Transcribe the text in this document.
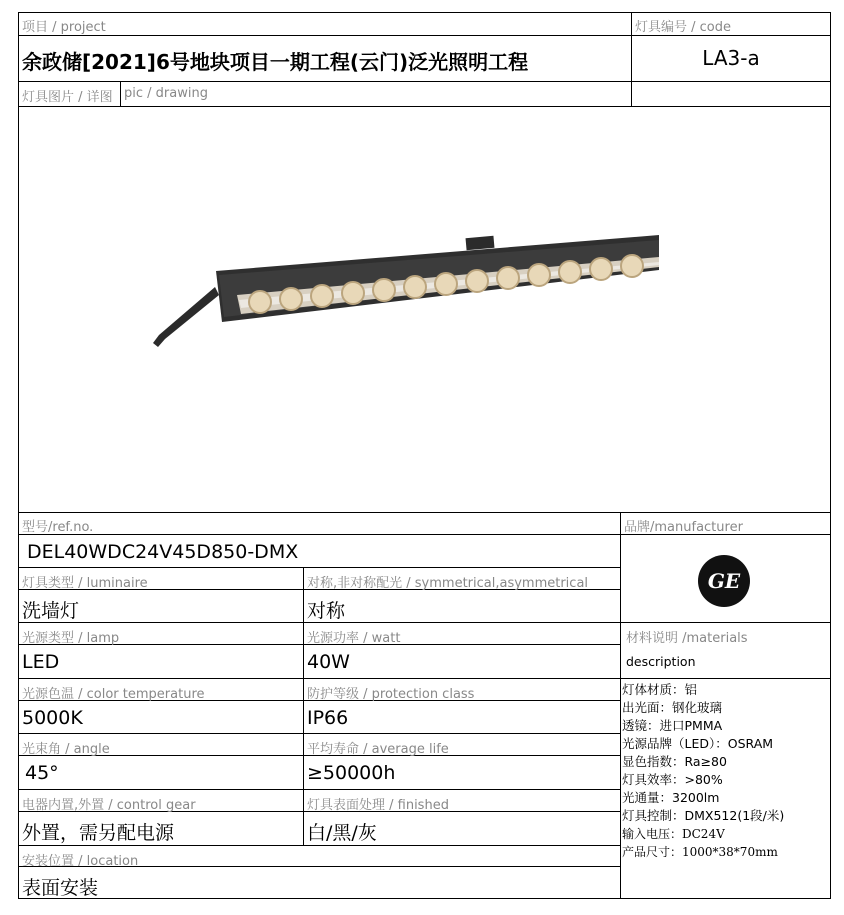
项目 / project	灯具编号 / code
余政储[2021]6号地块项目一期工程(云门)泛光照明工程	LA3-a
灯具图片 / 详图 pic / drawing
型号/ref.no.
DEL40WDC24V45D850-DMX
品牌/manufacturer
GE
灯具类型 / luminaire	对称,非对称配光 / symmetrical,asymmetrical
洗墙灯	对称
光源类型 / lamp	光源功率 / watt
LED	40W
光源色温 / color temperature	防护等级 / protection class
5000K	IP66
光束角 / angle	平均寿命 / average life
45°	≥50000h
电器内置,外置 / control gear	灯具表面处理 / finished
外置，需另配电源	白/黑/灰
安装位置 / location
表面安装
材料说明 /materials
description
灯体材质：铝
出光面：钢化玻璃
透镜：进口PMMA
光源品牌（LED）：OSRAM
显色指数：Ra≥80
灯具效率：>80%
光通量：3200lm
灯具控制：DMX512(1段/米)
输入电压：DC24V
产品尺寸：1000*38*70mm
